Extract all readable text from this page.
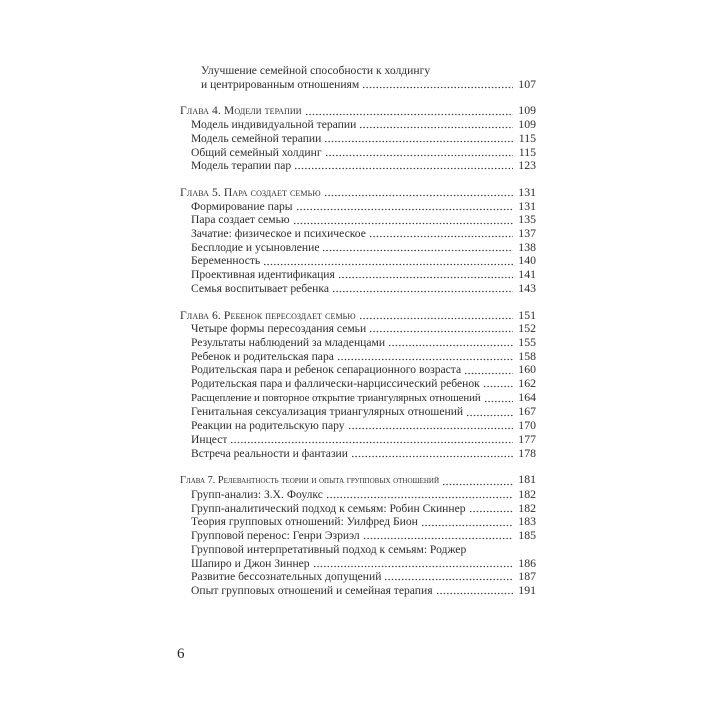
Улучшение семейной способности к холдингу
и центрированным отношениям	107
Глава 4. Модели терапии	109
Модель индивидуальной терапии	109
Модель семейной терапии	115
Общий семейный холдинг	115
Модель терапии пар	123
Глава 5. Пара создает семью	131
Формирование пары	131
Пара создает семью	135
Зачатие: физическое и психическое	137
Бесплодие и усыновление	138
Беременность	140
Проективная идентификация	141
Семья воспитывает ребенка	143
Глава 6. Ребенок пересоздает семью	151
Четыре формы пересоздания семьи	152
Результаты наблюдений за младенцами	155
Ребенок и родительская пара	158
Родительская пара и ребенок сепарационного возраста	160
Родительская пара и фаллически-нарциссический ребенок	162
Расщепление и повторное открытие триангулярных отношений	164
Генитальная сексуализация триангулярных отношений	167
Реакции на родительскую пару	170
Инцест	177
Встреча реальности и фантазии	178
Глава 7. Релевантность теории и опыта групповых отношений	181
Групп-анализ: З.Х. Фоулкс	182
Групп-аналитический подход к семьям: Робин Скиннер	182
Теория групповых отношений: Уилфред Бион	183
Групповой перенос: Генри Эзриэл	185
Групповой интерпретативный подход к семьям: Роджер
Шапиро и Джон Зиннер	186
Развитие бессознательных допущений	187
Опыт групповых отношений и семейная терапия	191
6
